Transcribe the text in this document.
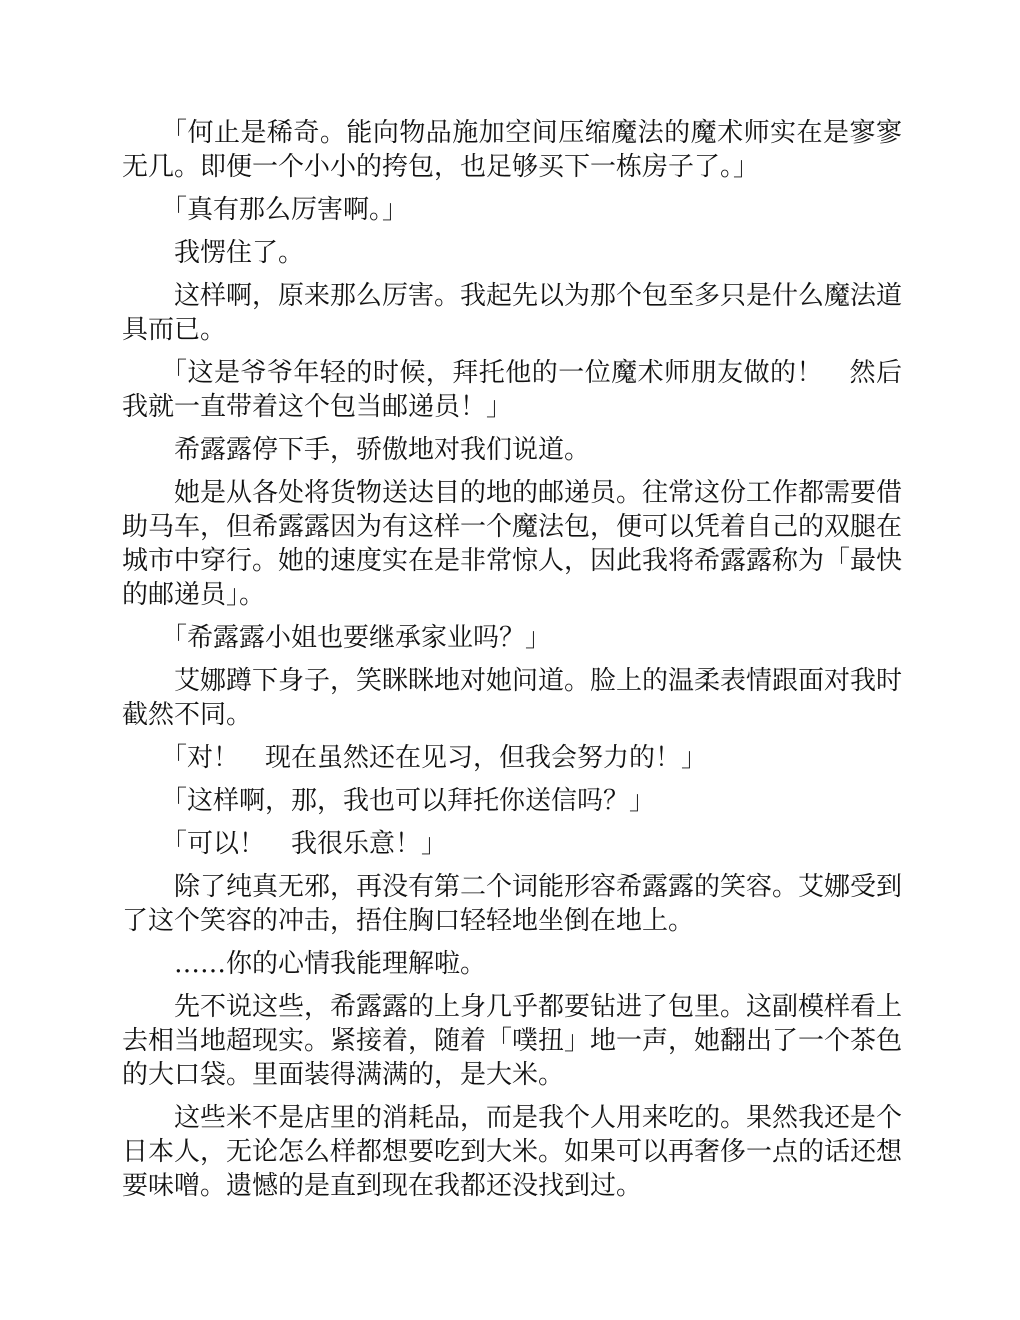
「何止是稀奇。能向物品施加空间压缩魔法的魔术师实在是寥寥无几。即便一个小小的挎包，也足够买下一栋房子了。」

「真有那么厉害啊。」

我愣住了。

这样啊，原来那么厉害。我起先以为那个包至多只是什么魔法道具而已。

「这是爷爷年轻的时候，拜托他的一位魔术师朋友做的！　然后我就一直带着这个包当邮递员！」

希露露停下手，骄傲地对我们说道。

她是从各处将货物送达目的地的邮递员。往常这份工作都需要借助马车，但希露露因为有这样一个魔法包，便可以凭着自己的双腿在城市中穿行。她的速度实在是非常惊人，因此我将希露露称为「最快的邮递员」。

「希露露小姐也要继承家业吗？」

艾娜蹲下身子，笑眯眯地对她问道。脸上的温柔表情跟面对我时截然不同。

「对！　现在虽然还在见习，但我会努力的！」

「这样啊，那，我也可以拜托你送信吗？」

「可以！　我很乐意！」

除了纯真无邪，再没有第二个词能形容希露露的笑容。艾娜受到了这个笑容的冲击，捂住胸口轻轻地坐倒在地上。

……你的心情我能理解啦。

先不说这些，希露露的上身几乎都要钻进了包里。这副模样看上去相当地超现实。紧接着，随着「噗扭」地一声，她翻出了一个茶色的大口袋。里面装得满满的，是大米。

这些米不是店里的消耗品，而是我个人用来吃的。果然我还是个日本人，无论怎么样都想要吃到大米。如果可以再奢侈一点的话还想要味噌。遗憾的是直到现在我都还没找到过。
